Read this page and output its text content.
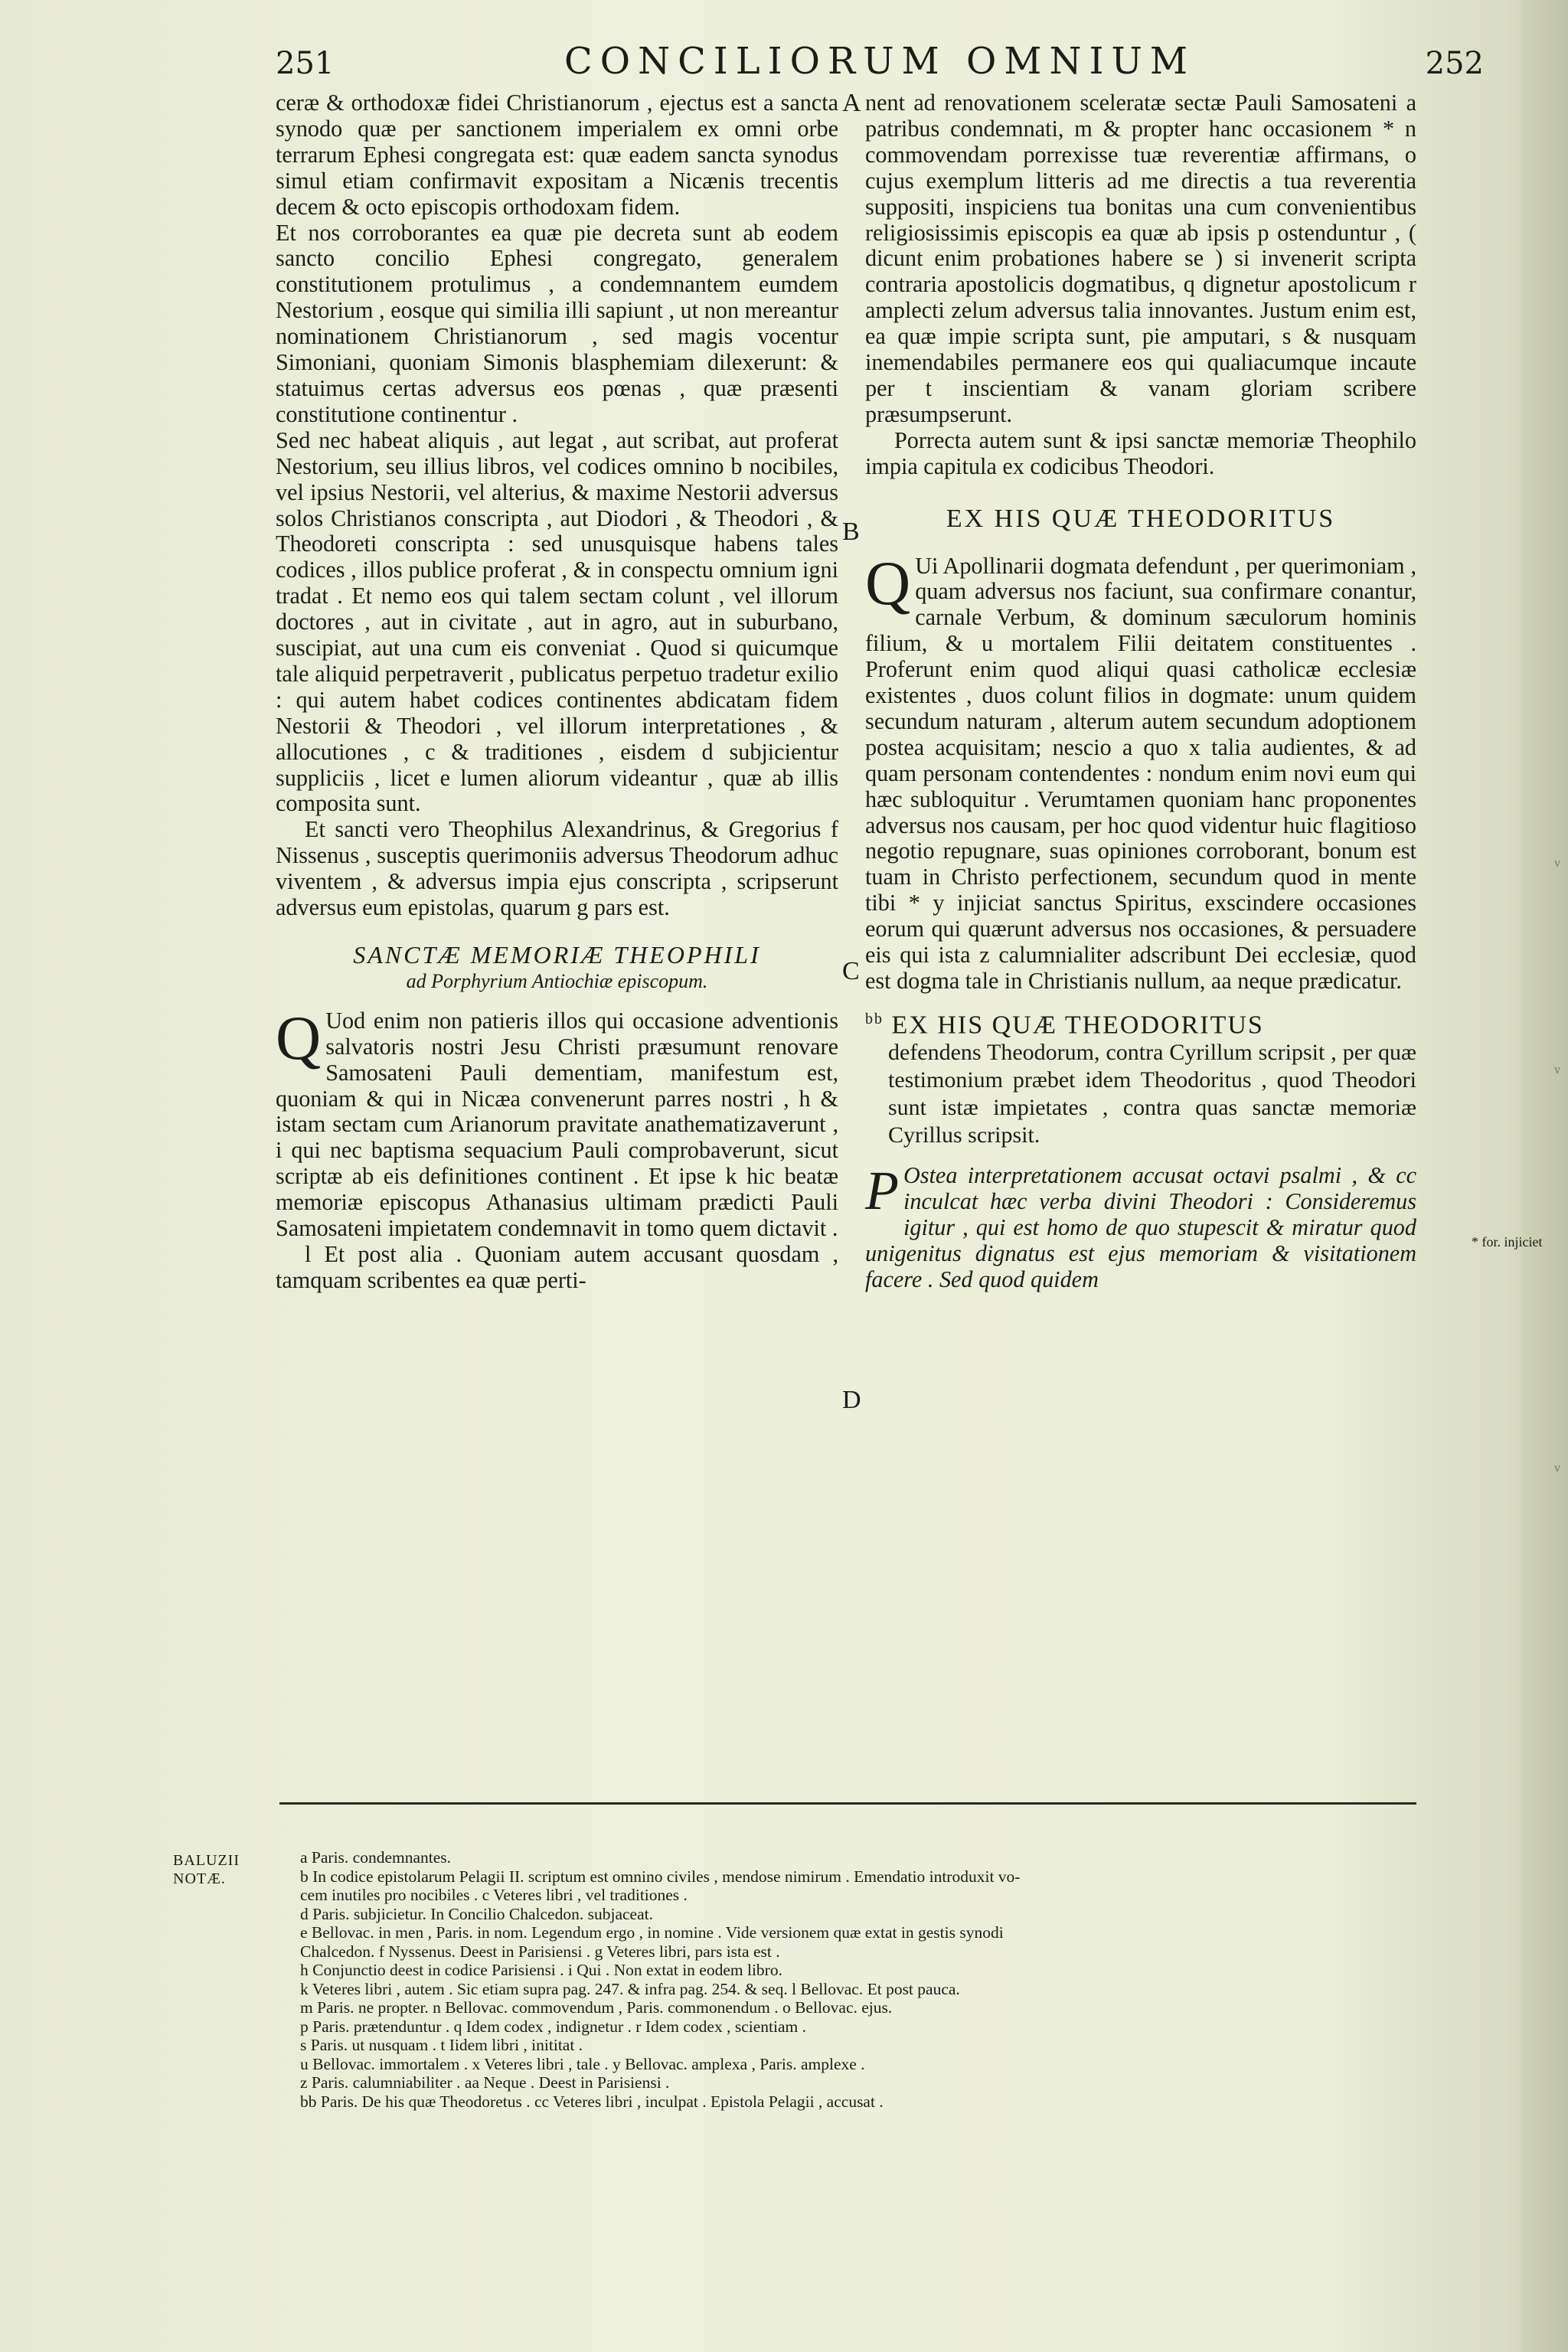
v
v
v
251	CONCILIORUM OMNIUM	252

ceræ & orthodoxæ fidei Christianorum , ejectus est a sancta synodo quæ per sanctionem imperialem ex omni orbe terrarum Ephesi congregata est: quæ eadem sancta synodus simul etiam confirmavit expositam a Nicænis trecentis decem & octo episcopis orthodoxam fidem.

Et nos corroborantes ea quæ pie decreta sunt ab eodem sancto concilio Ephesi congregato, generalem constitutionem protulimus , a condemnantem eumdem Nestorium , eosque qui similia illi sapiunt , ut non mereantur nominationem Christianorum , sed magis vocentur Simoniani, quoniam Simonis blasphemiam dilexerunt: & statuimus certas adversus eos pœnas , quæ præsenti constitutione continentur .

Sed nec habeat aliquis , aut legat , aut scribat, aut proferat Nestorium, seu illius libros, vel codices omnino b nocibiles, vel ipsius Nestorii, vel alterius, & maxime Nestorii adversus solos Christianos conscripta , aut Diodori , & Theodori , & Theodoreti conscripta : sed unusquisque habens tales codices , illos publice proferat , & in conspectu omnium igni tradat . Et nemo eos qui talem sectam colunt , vel illorum doctores , aut in civitate , aut in agro, aut in suburbano, suscipiat, aut una cum eis conveniat . Quod si quicumque tale aliquid perpetraverit , publicatus perpetuo tradetur exilio : qui autem habet codices continentes abdicatam fidem Nestorii & Theodori , vel illorum interpretationes , & allocutiones , c & traditiones , eisdem d subjicientur suppliciis , licet e lumen aliorum videantur , quæ ab illis composita sunt.

Et sancti vero Theophilus Alexandrinus, & Gregorius f Nissenus , susceptis querimoniis adversus Theodorum adhuc viventem , & adversus impia ejus conscripta , scripserunt adversus eum epistolas, quarum g pars est.

SANCTÆ MEMORIÆ THEOPHILI
ad Porphyrium Antiochiæ episcopum.

Q Uod enim non patieris illos qui occasione adventionis salvatoris nostri Jesu Christi præsumunt renovare Samosateni Pauli dementiam, manifestum est, quoniam & qui in Nicæa convenerunt parres nostri , h & istam sectam cum Arianorum pravitate anathematizaverunt , i qui nec baptisma sequacium Pauli comprobaverunt, sicut scriptæ ab eis definitiones continent . Et ipse k hic beatæ memoriæ episcopus Athanasius ultimam prædicti Pauli Samosateni impietatem condemnavit in tomo quem dictavit .

l Et post alia . Quoniam autem accusant quosdam , tamquam scribentes ea quæ perti-

A
B
C
D

nent ad renovationem sceleratæ sectæ Pauli Samosateni a patribus condemnati, m & propter hanc occasionem * n commovendam porrexisse tuæ reverentiæ affirmans, o cujus exemplum litteris ad me directis a tua reverentia suppositi, inspiciens tua bonitas una cum convenientibus religiosissimis episcopis ea quæ ab ipsis p ostenduntur , ( dicunt enim probationes habere se ) si invenerit scripta contraria apostolicis dogmatibus, q dignetur apostolicum r amplecti zelum adversus talia innovantes. Justum enim est, ea quæ impie scripta sunt, pie amputari, s & nusquam inemendabiles permanere eos qui qualiacumque incaute per t inscientiam & vanam gloriam scribere præsumpserunt.

Porrecta autem sunt & ipsi sanctæ memoriæ Theophilo impia capitula ex codicibus Theodori.

EX HIS QUÆ THEODORITUS

Q Ui Apollinarii dogmata defendunt , per querimoniam , quam adversus nos faciunt, sua confirmare conantur, carnale Verbum, & dominum sæculorum hominis filium, & u mortalem Filii deitatem constituentes . Proferunt enim quod aliqui quasi catholicæ ecclesiæ existentes , duos colunt filios in dogmate: unum quidem secundum naturam , alterum autem secundum adoptionem postea acquisitam; nescio a quo x talia audientes, & ad quam personam contendentes : nondum enim novi eum qui hæc subloquitur . Verumtamen quoniam hanc proponentes adversus nos causam, per hoc quod videntur huic flagitioso negotio repugnare, suas opiniones corroborant, bonum est tuam in Christo perfectionem, secundum quod in mente tibi * y injiciat sanctus Spiritus, exscindere occasiones eorum qui quærunt adversus nos occasiones, & persuadere eis qui ista z calumnialiter adscribunt Dei ecclesiæ, quod est dogma tale in Christianis nullum, aa neque prædicatur.

$^{bb}$ EX HIS QUÆ THEODORITUS
defendens Theodorum, contra Cyrillum scripsit , per quæ testimonium præbet idem Theodoritus , quod Theodori sunt istæ impietates , contra quas sanctæ memoriæ Cyrillus scripsit.

P Ostea interpretationem accusat octavi psalmi , & cc inculcat hæc verba divini Theodori : Consideremus igitur , qui est homo de quo stupescit & miratur quod unigenitus dignatus est ejus memoriam & visitationem facere . Sed quod quidem

* for. injiciet
BALUZII
NOTÆ.
a Paris. condemnantes.
b In codice epistolarum Pelagii II. scriptum est omnino civiles , mendose nimirum . Emendatio introduxit vo-
cem inutiles pro nocibiles . c Veteres libri , vel traditiones .
d Paris. subjicietur. In Concilio Chalcedon. subjaceat.
e Bellovac. in men , Paris. in nom. Legendum ergo , in nomine . Vide versionem quæ extat in gestis synodi
Chalcedon. f Nyssenus. Deest in Parisiensi . g Veteres libri, pars ista est .
h Conjunctio deest in codice Parisiensi . i Qui . Non extat in eodem libro.
k Veteres libri , autem . Sic etiam supra pag. 247. & infra pag. 254. & seq. l Bellovac. Et post pauca.
m Paris. ne propter. n Bellovac. commovendum , Paris. commonendum . o Bellovac. ejus.
p Paris. prætenduntur . q Idem codex , indignetur . r Idem codex , scientiam .
s Paris. ut nusquam . t Iidem libri , inititat .
u Bellovac. immortalem . x Veteres libri , tale . y Bellovac. amplexa , Paris. amplexe .
z Paris. calumniabiliter . aa Neque . Deest in Parisiensi .
bb Paris. De his quæ Theodoretus . cc Veteres libri , inculpat . Epistola Pelagii , accusat .
